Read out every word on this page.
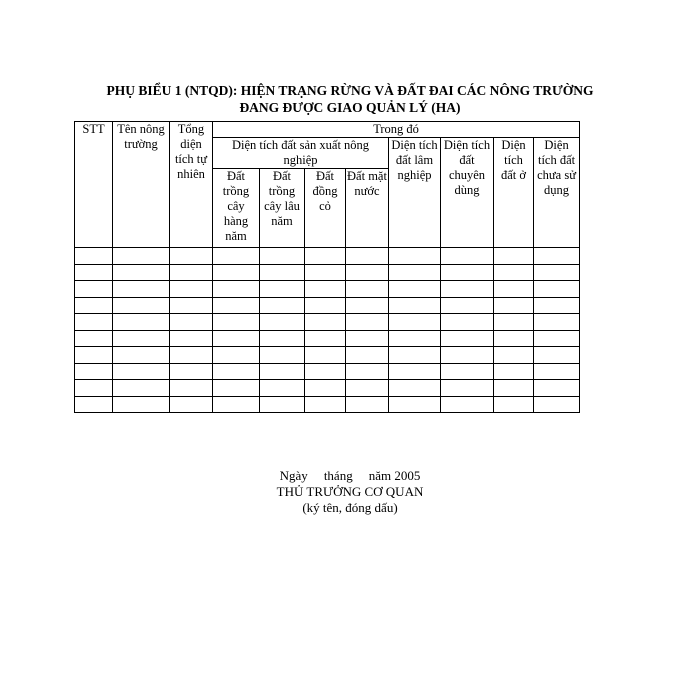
PHỤ BIỂU 1 (NTQD): HIỆN TRẠNG RỪNG VÀ ĐẤT ĐAI CÁC NÔNG TRƯỜNG
ĐANG ĐƯỢC GIAO QUẢN LÝ (HA)
STT	Tên nông trường	Tổng diện tích tự nhiên	Trong đó							
			Diện tích đất sản xuất nông nghiệp				Diện tích đất lâm nghiệp	Diện tích đất chuyên dùng	Diện tích đất ở	Diện tích đất chưa sử dụng
			Đất trồng cây hàng năm	Đất trồng cây lâu năm	Đất đồng cỏ	Đất mặt nước				

Ngày tháng năm 2005
THỦ TRƯỞNG CƠ QUAN
(ký tên, đóng dấu)
